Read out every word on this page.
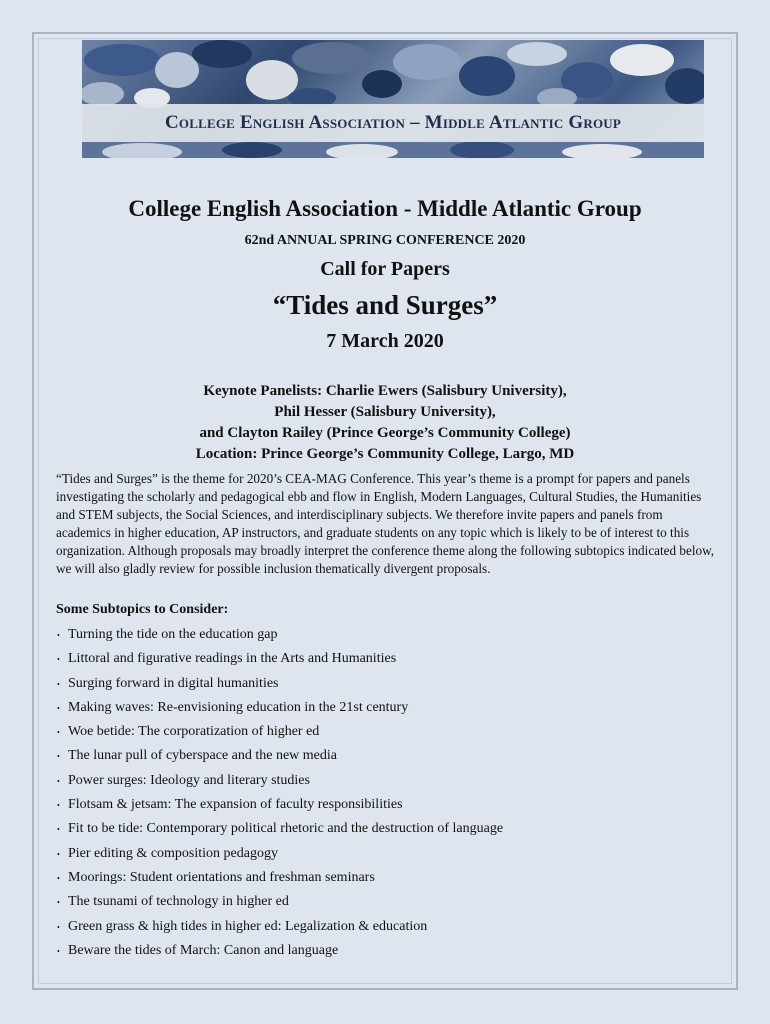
College English Association – Middle Atlantic Group
College English Association - Middle Atlantic Group
62nd ANNUAL SPRING CONFERENCE 2020
Call for Papers
“Tides and Surges”
7 March 2020
Keynote Panelists: Charlie Ewers (Salisbury University),
Phil Hesser (Salisbury University),
and Clayton Railey (Prince George’s Community College)
Location: Prince George’s Community College, Largo, MD
“Tides and Surges” is the theme for 2020’s CEA-MAG Conference. This year’s theme is a prompt for papers and panels investigating the scholarly and pedagogical ebb and flow in English, Modern Languages, Cultural Studies, the Humanities and STEM subjects, the Social Sciences, and interdisciplinary subjects. We therefore invite papers and panels from academics in higher education, AP instructors, and graduate students on any topic which is likely to be of interest to this organization. Although proposals may broadly interpret the conference theme along the following subtopics indicated below, we will also gladly review for possible inclusion thematically divergent proposals.
Some Subtopics to Consider:
• Turning the tide on the education gap
• Littoral and figurative readings in the Arts and Humanities
• Surging forward in digital humanities
• Making waves: Re-envisioning education in the 21st century
• Woe betide: The corporatization of higher ed
• The lunar pull of cyberspace and the new media
• Power surges: Ideology and literary studies
• Flotsam & jetsam: The expansion of faculty responsibilities
• Fit to be tide: Contemporary political rhetoric and the destruction of language
• Pier editing & composition pedagogy
• Moorings: Student orientations and freshman seminars
• The tsunami of technology in higher ed
• Green grass & high tides in higher ed: Legalization & education
• Beware the tides of March: Canon and language
